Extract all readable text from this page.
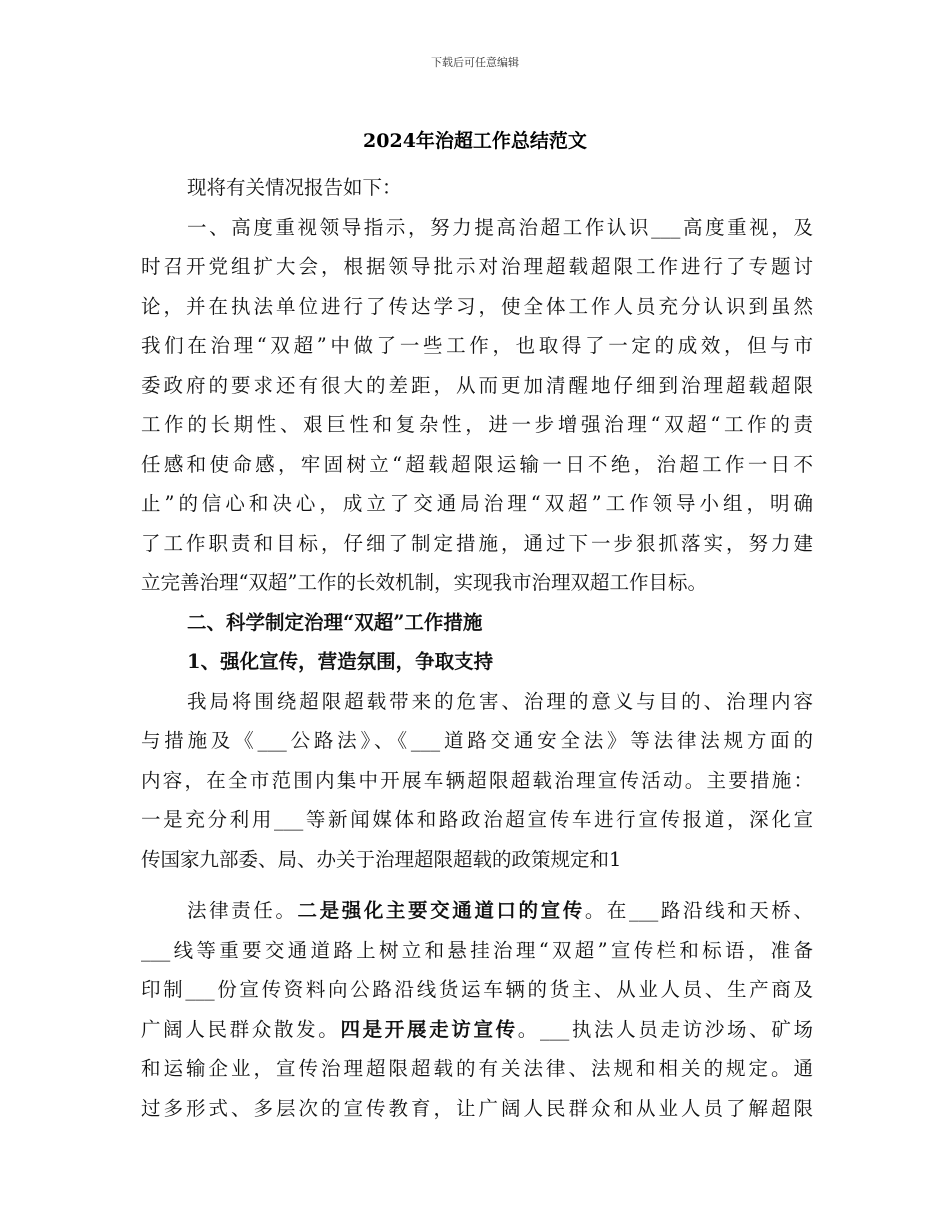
下载后可任意编辑
2024年治超工作总结范文
现将有关情况报告如下：
一、高度重视领导指示，努力提高治超工作认识___高度重视，及
时召开党组扩大会，根据领导批示对治理超载超限工作进行了专题讨
论，并在执法单位进行了传达学习，使全体工作人员充分认识到虽然
我们在治理“双超”中做了一些工作，也取得了一定的成效，但与市
委政府的要求还有很大的差距，从而更加清醒地仔细到治理超载超限
工作的长期性、艰巨性和复杂性，进一步增强治理“双超“工作的责
任感和使命感，牢固树立“超载超限运输一日不绝，治超工作一日不
止”的信心和决心，成立了交通局治理“双超”工作领导小组，明确
了工作职责和目标，仔细了制定措施，通过下一步狠抓落实，努力建
立完善治理“双超”工作的长效机制，实现我市治理双超工作目标。
二、科学制定治理“双超”工作措施
1、强化宣传，营造氛围，争取支持
我局将围绕超限超载带来的危害、治理的意义与目的、治理内容
与措施及《___公路法》、《___道路交通安全法》等法律法规方面的
内容，在全市范围内集中开展车辆超限超载治理宣传活动。主要措施：
一是充分利用___等新闻媒体和路政治超宣传车进行宣传报道，深化宣
传国家九部委、局、办关于治理超限超载的政策规定和1
法律责任。二是强化主要交通道口的宣传。在___路沿线和天桥、
___线等重要交通道路上树立和悬挂治理“双超”宣传栏和标语，准备
印制___份宣传资料向公路沿线货运车辆的货主、从业人员、生产商及
广阔人民群众散发。四是开展走访宣传。___执法人员走访沙场、矿场
和运输企业，宣传治理超限超载的有关法律、法规和相关的规定。通
过多形式、多层次的宣传教育，让广阔人民群众和从业人员了解超限
